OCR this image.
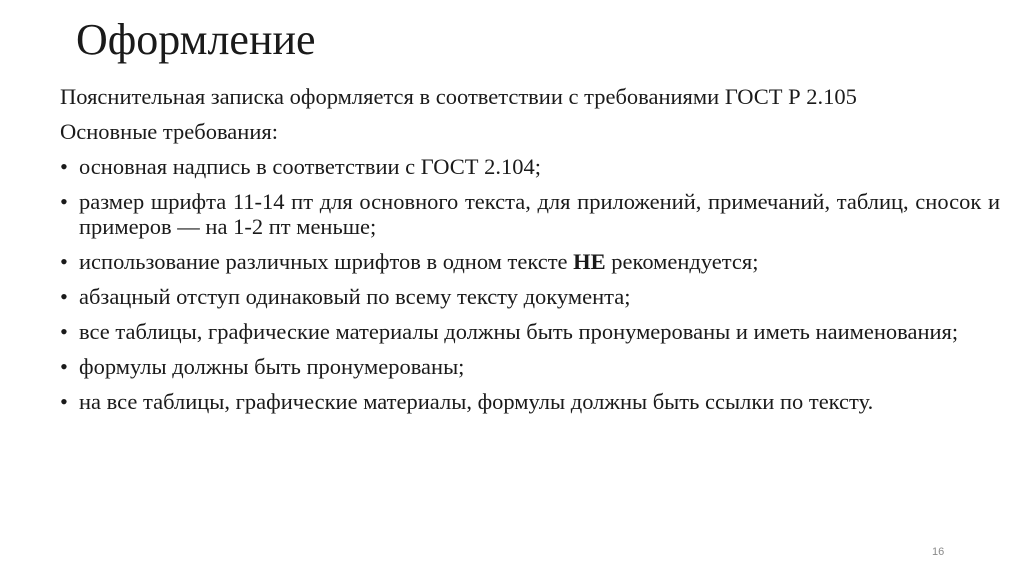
Оформление

Пояснительная записка оформляется в соответствии с требованиями ГОСТ Р 2.105

Основные требования:

• основная надпись в соответствии с ГОСТ 2.104;
• размер шрифта 11-14 пт для основного текста, для приложений, примечаний, таблиц, сносок и примеров — на 1-2 пт меньше;
• использование различных шрифтов в одном тексте НЕ рекомендуется;
• абзацный отступ одинаковый по всему тексту документа;
• все таблицы, графические материалы должны быть пронумерованы и иметь наименования;
• формулы должны быть пронумерованы;
• на все таблицы, графические материалы, формулы должны быть ссылки по тексту.
16
